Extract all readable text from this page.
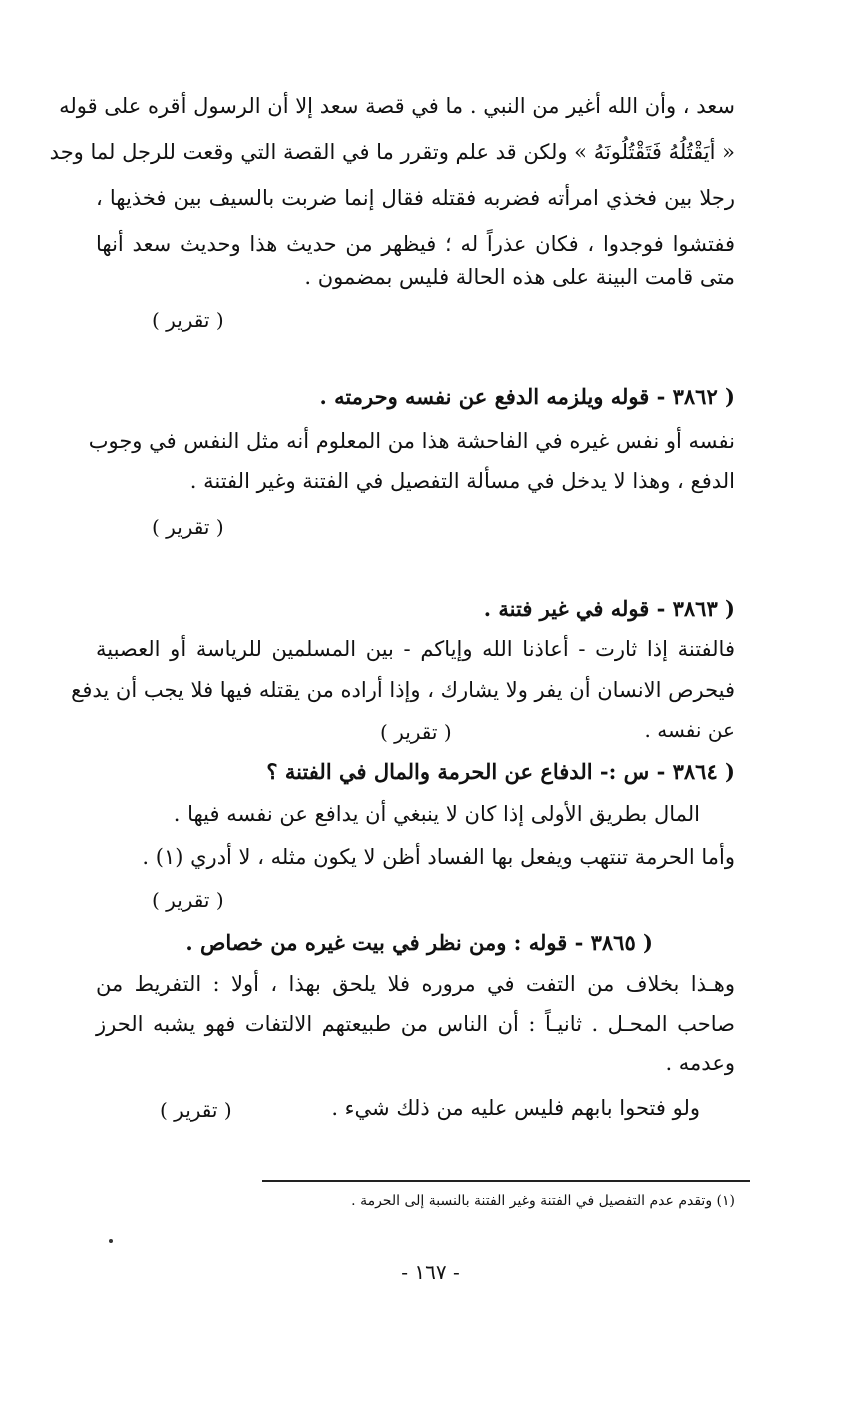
سعد ، وأن الله أغير من النبي . ما في قصة سعد إلا أن الرسول أقره على قوله
« أيَقْتُلُهُ فَتَقْتُلُونَهُ » ولكن قد علم وتقرر ما في القصة التي وقعت للرجل لما وجد
رجلا بين فخذي امرأته فضربه فقتله فقال إنما ضربت بالسيف بين فخذيها ،
ففتشوا فوجدوا ، فكان عذراً له ؛ فيظهر من حديث هذا وحديث سعد أنها
متى قامت البينة على هذه الحالة فليس بمضمون .
( تقرير )
( ٣٨٦٢ - قوله ويلزمه الدفع عن نفسه وحرمته .
نفسه أو نفس غيره في الفاحشة هذا من المعلوم أنه مثل النفس في وجوب
الدفع ، وهذا لا يدخل في مسألة التفصيل في الفتنة وغير الفتنة .
( تقرير )
( ٣٨٦٣ - قوله في غير فتنة .
فالفتنة إذا ثارت - أعاذنا الله وإياكم - بين المسلمين للرياسة أو العصبية
فيحرص الانسان أن يفر ولا يشارك ، وإذا أراده من يقتله فيها فلا يجب أن يدفع
عن نفسه .
( تقرير )
( ٣٨٦٤ - س :- الدفاع عن الحرمة والمال في الفتنة ؟
المال بطريق الأولى إذا كان لا ينبغي أن يدافع عن نفسه فيها .
وأما الحرمة تنتهب ويفعل بها الفساد أظن لا يكون مثله ، لا أدري (١) .
( تقرير )
( ٣٨٦٥ - قوله : ومن نظر في بيت غيره من خصاص .
وهـذا بخلاف من التفت في مروره فلا يلحق بهذا ، أولا : التفريط من
صاحب المحـل . ثانيـاً : أن الناس من طبيعتهم الالتفات فهو يشبه الحرز
وعدمه .
ولو فتحوا بابهم فليس عليه من ذلك شيء .
( تقرير )
(١) وتقدم عدم التفصيل في الفتنة وغير الفتنة بالنسبة إلى الحرمة .
- ١٦٧ -
